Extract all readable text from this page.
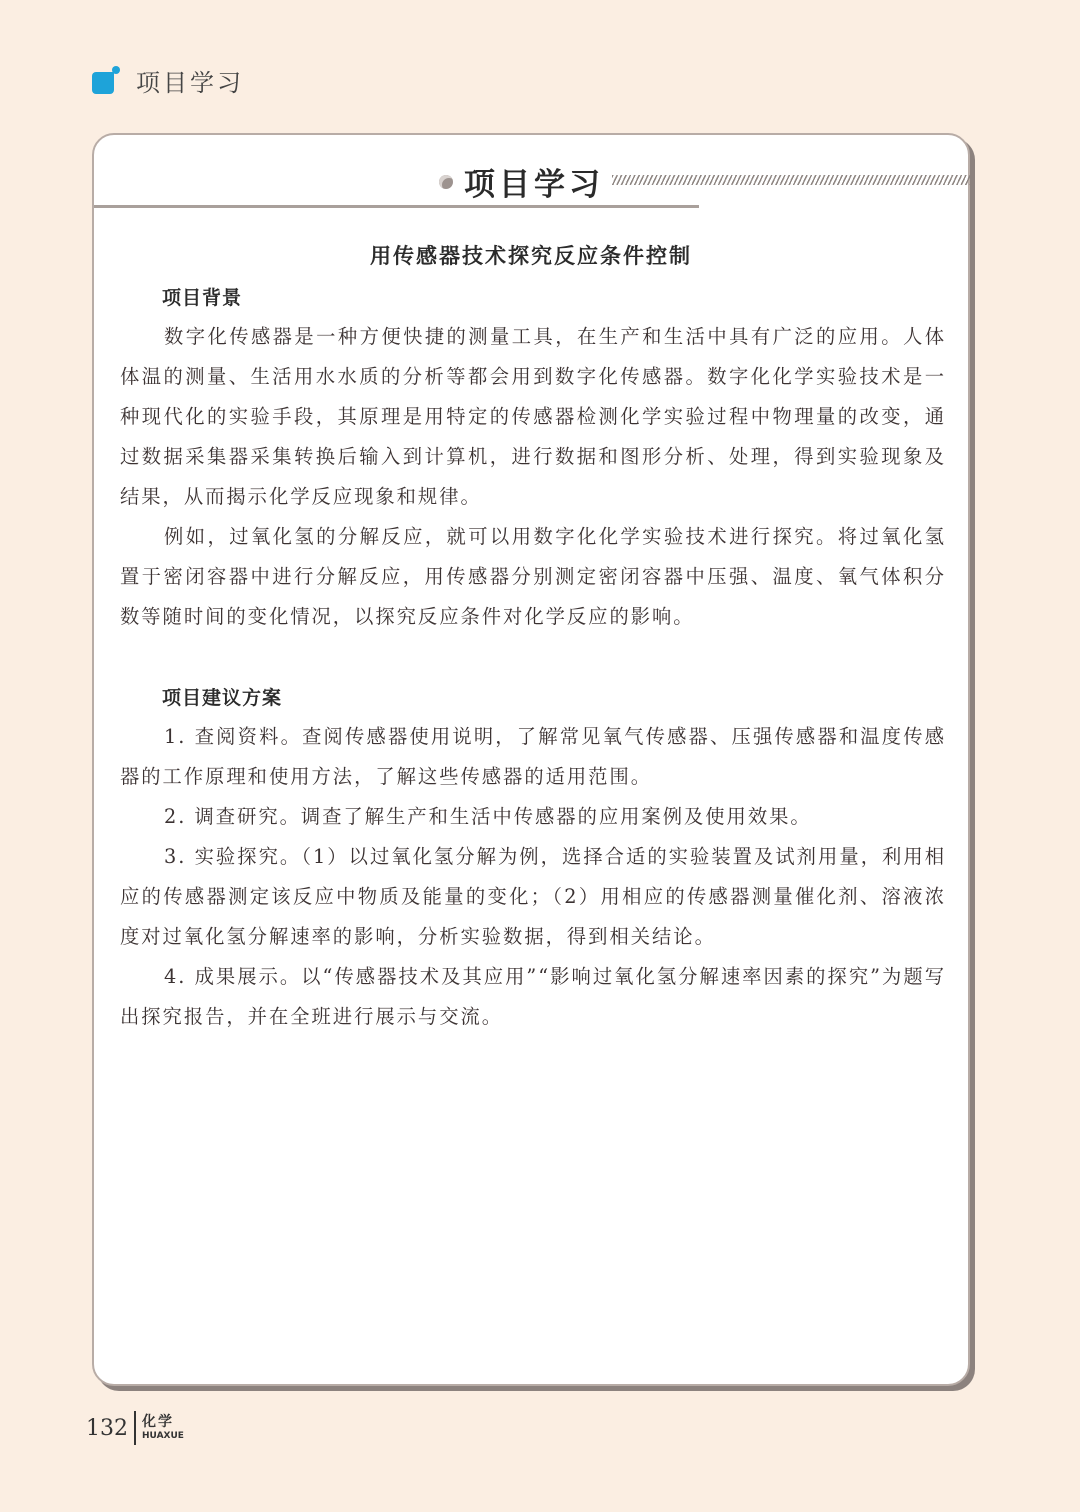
项目学习
项目学习
用传感器技术探究反应条件控制
项目背景

数字化传感器是一种方便快捷的测量工具，在生产和生活中具有广泛的应用。人体体温的测量、生活用水水质的分析等都会用到数字化传感器。数字化化学实验技术是一种现代化的实验手段，其原理是用特定的传感器检测化学实验过程中物理量的改变，通过数据采集器采集转换后输入到计算机，进行数据和图形分析、处理，得到实验现象及结果，从而揭示化学反应现象和规律。

例如，过氧化氢的分解反应，就可以用数字化化学实验技术进行探究。将过氧化氢置于密闭容器中进行分解反应，用传感器分别测定密闭容器中压强、温度、氧气体积分数等随时间的变化情况，以探究反应条件对化学反应的影响。

项目建议方案

1. 查阅资料。查阅传感器使用说明，了解常见氧气传感器、压强传感器和温度传感器的工作原理和使用方法，了解这些传感器的适用范围。

2. 调查研究。调查了解生产和生活中传感器的应用案例及使用效果。

3. 实验探究。（1）以过氧化氢分解为例，选择合适的实验装置及试剂用量，利用相应的传感器测定该反应中物质及能量的变化；（2）用相应的传感器测量催化剂、溶液浓度对过氧化氢分解速率的影响，分析实验数据，得到相关结论。

4. 成果展示。以“传感器技术及其应用”“影响过氧化氢分解速率因素的探究”为题写出探究报告，并在全班进行展示与交流。

132 化学
HUAXUE
